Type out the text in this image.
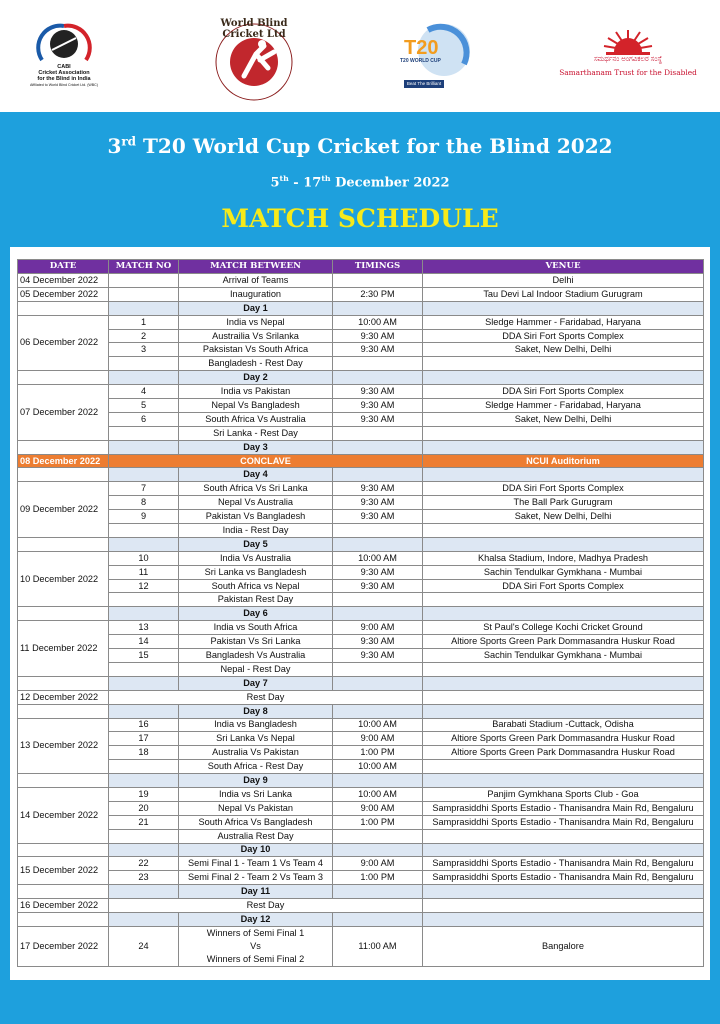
CABI
Cricket Association
for the Blind in India
Affiliated to World Blind Cricket Ltd. (WBC)
World Blind Cricket Ltd
T20
T20 WORLD CUP
Beat The Brilliant
ಸಮರ್ಥನಂ ಅಂಗವಿಕಲರ ಸಂಸ್ಥೆ
Samarthanam Trust for the Disabled
3rd T20 World Cup Cricket for the Blind 2022
5th - 17th December 2022
MATCH SCHEDULE
DATE	MATCH NO	MATCH BETWEEN	TIMINGS	VENUE
04 December 2022		Arrival of Teams		Delhi
05 December 2022		Inauguration	2:30 PM	Tau Devi Lal Indoor Stadium Gurugram
		Day 1		
06 December 2022	1	India vs Nepal	10:00 AM	Sledge Hammer - Faridabad, Haryana
	2	Austrailia Vs Srilanka	9:30 AM	DDA Siri Fort Sports Complex
	3	Paksistan Vs South Africa	9:30 AM	Saket, New Delhi, Delhi
		Bangladesh - Rest Day		
		Day 2		
07 December 2022	4	India vs Pakistan	9:30 AM	DDA Siri Fort Sports Complex
	5	Nepal Vs Bangladesh	9:30 AM	Sledge Hammer - Faridabad, Haryana
	6	South Africa Vs Australia	9:30 AM	Saket, New Delhi, Delhi
		Sri Lanka - Rest Day		
		Day 3		
08 December 2022	CONCLAVE			NCUI Auditorium
		Day 4		
09 December 2022	7	South Africa Vs Sri Lanka	9:30 AM	DDA Siri Fort Sports Complex
	8	Nepal Vs Australia	9:30 AM	The Ball Park Gurugram
	9	Pakistan Vs Bangladesh	9:30 AM	Saket, New Delhi, Delhi
		India - Rest Day		
		Day 5		
10 December 2022	10	India Vs Australia	10:00 AM	Khalsa Stadium, Indore, Madhya Pradesh
	11	Sri Lanka vs Bangladesh	9:30 AM	Sachin Tendulkar Gymkhana - Mumbai
	12	South Africa vs Nepal	9:30 AM	DDA Siri Fort Sports Complex
		Pakistan Rest Day		
		Day 6		
11 December 2022	13	India vs South Africa	9:00 AM	St Paul's College Kochi Cricket Ground
	14	Pakistan Vs Sri Lanka	9:30 AM	Altiore Sports Green Park Dommasandra Huskur Road
	15	Bangladesh Vs Australia	9:30 AM	Sachin Tendulkar Gymkhana - Mumbai
		Nepal - Rest Day		
		Day 7		
12 December 2022	Rest Day			
		Day 8		
13 December 2022	16	India vs Bangladesh	10:00 AM	Barabati Stadium -Cuttack, Odisha
	17	Sri Lanka Vs Nepal	9:00 AM	Altiore Sports Green Park Dommasandra Huskur Road
	18	Australia Vs Pakistan	1:00 PM	Altiore Sports Green Park Dommasandra Huskur Road
		South Africa - Rest Day	10:00 AM	
		Day 9		
14 December 2022	19	India vs Sri Lanka	10:00 AM	Panjim Gymkhana Sports Club - Goa
	20	Nepal Vs Pakistan	9:00 AM	Samprasiddhi Sports Estadio - Thanisandra Main Rd, Bengaluru
	21	South Africa Vs Bangladesh	1:00 PM	Samprasiddhi Sports Estadio - Thanisandra Main Rd, Bengaluru
		Australia Rest Day		
		Day 10		
15 December 2022	22	Semi Final 1 - Team 1 Vs Team 4	9:00 AM	Samprasiddhi Sports Estadio - Thanisandra Main Rd, Bengaluru
	23	Semi Final 2 - Team 2 Vs Team 3	1:00 PM	Samprasiddhi Sports Estadio - Thanisandra Main Rd, Bengaluru
		Day 11		
16 December 2022	Rest Day			
		Day 12		
17 December 2022	24	Winners of Semi Final 1
Vs
Winners of Semi Final 2	11:00 AM	Bangalore
